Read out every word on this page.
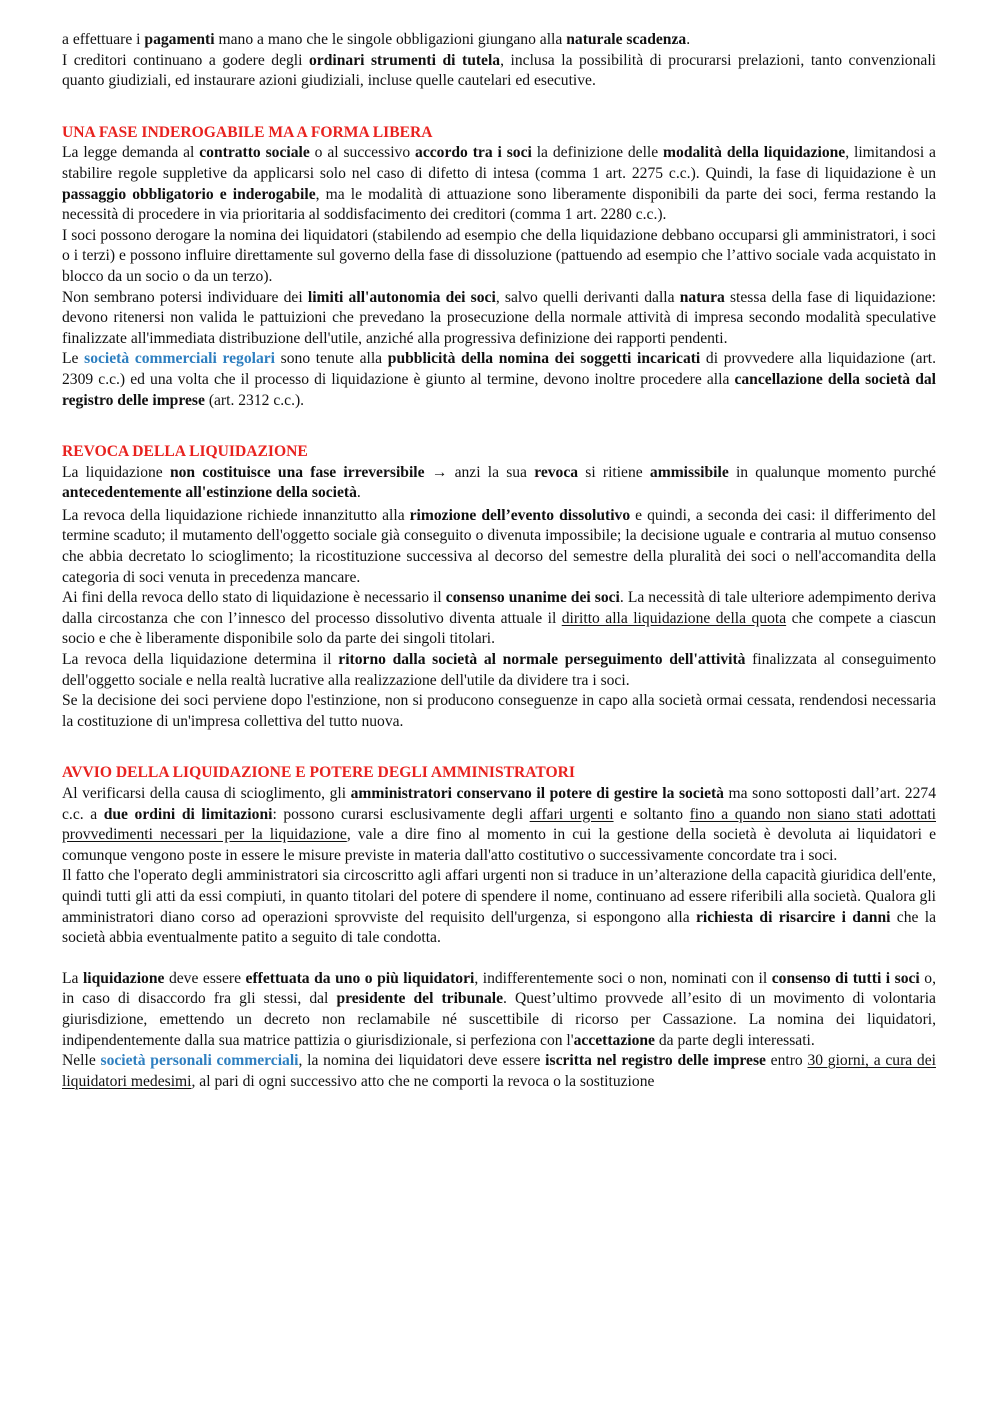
a effettuare i pagamenti mano a mano che le singole obbligazioni giungano alla naturale scadenza.

I creditori continuano a godere degli ordinari strumenti di tutela, inclusa la possibilità di procurarsi prelazioni, tanto convenzionali quanto giudiziali, ed instaurare azioni giudiziali, incluse quelle cautelari ed esecutive.

UNA FASE INDEROGABILE MA A FORMA LIBERA

La legge demanda al contratto sociale o al successivo accordo tra i soci la definizione delle modalità della liquidazione, limitandosi a stabilire regole suppletive da applicarsi solo nel caso di difetto di intesa (comma 1 art. 2275 c.c.). Quindi, la fase di liquidazione è un passaggio obbligatorio e inderogabile, ma le modalità di attuazione sono liberamente disponibili da parte dei soci, ferma restando la necessità di procedere in via prioritaria al soddisfacimento dei creditori (comma 1 art. 2280 c.c.).

I soci possono derogare la nomina dei liquidatori (stabilendo ad esempio che della liquidazione debbano occuparsi gli amministratori, i soci o i terzi) e possono influire direttamente sul governo della fase di dissoluzione (pattuendo ad esempio che l’attivo sociale vada acquistato in blocco da un socio o da un terzo).

Non sembrano potersi individuare dei limiti all'autonomia dei soci, salvo quelli derivanti dalla natura stessa della fase di liquidazione: devono ritenersi non valida le pattuizioni che prevedano la prosecuzione della normale attività di impresa secondo modalità speculative finalizzate all'immediata distribuzione dell'utile, anziché alla progressiva definizione dei rapporti pendenti.

Le società commerciali regolari sono tenute alla pubblicità della nomina dei soggetti incaricati di provvedere alla liquidazione (art. 2309 c.c.) ed una volta che il processo di liquidazione è giunto al termine, devono inoltre procedere alla cancellazione della società dal registro delle imprese (art. 2312 c.c.).

REVOCA DELLA LIQUIDAZIONE

La liquidazione non costituisce una fase irreversibile → anzi la sua revoca si ritiene ammissibile in qualunque momento purché antecedentemente all'estinzione della società.

La revoca della liquidazione richiede innanzitutto alla rimozione dell’evento dissolutivo e quindi, a seconda dei casi: il differimento del termine scaduto; il mutamento dell'oggetto sociale già conseguito o divenuta impossibile; la decisione uguale e contraria al mutuo consenso che abbia decretato lo scioglimento; la ricostituzione successiva al decorso del semestre della pluralità dei soci o nell'accomandita della categoria di soci venuta in precedenza mancare.

Ai fini della revoca dello stato di liquidazione è necessario il consenso unanime dei soci. La necessità di tale ulteriore adempimento deriva dalla circostanza che con l’innesco del processo dissolutivo diventa attuale il diritto alla liquidazione della quota che compete a ciascun socio e che è liberamente disponibile solo da parte dei singoli titolari.

La revoca della liquidazione determina il ritorno dalla società al normale perseguimento dell'attività finalizzata al conseguimento dell'oggetto sociale e nella realtà lucrative alla realizzazione dell'utile da dividere tra i soci.

Se la decisione dei soci perviene dopo l'estinzione, non si producono conseguenze in capo alla società ormai cessata, rendendosi necessaria la costituzione di un'impresa collettiva del tutto nuova.

AVVIO DELLA LIQUIDAZIONE E POTERE DEGLI AMMINISTRATORI

Al verificarsi della causa di scioglimento, gli amministratori conservano il potere di gestire la società ma sono sottoposti dall’art. 2274 c.c. a due ordini di limitazioni: possono curarsi esclusivamente degli affari urgenti e soltanto fino a quando non siano stati adottati provvedimenti necessari per la liquidazione, vale a dire fino al momento in cui la gestione della società è devoluta ai liquidatori e comunque vengono poste in essere le misure previste in materia dall'atto costitutivo o successivamente concordate tra i soci.

Il fatto che l'operato degli amministratori sia circoscritto agli affari urgenti non si traduce in un’alterazione della capacità giuridica dell'ente, quindi tutti gli atti da essi compiuti, in quanto titolari del potere di spendere il nome, continuano ad essere riferibili alla società. Qualora gli amministratori diano corso ad operazioni sprovviste del requisito dell'urgenza, si espongono alla richiesta di risarcire i danni che la società abbia eventualmente patito a seguito di tale condotta.

La liquidazione deve essere effettuata da uno o più liquidatori, indifferentemente soci o non, nominati con il consenso di tutti i soci o, in caso di disaccordo fra gli stessi, dal presidente del tribunale. Quest’ultimo provvede all’esito di un movimento di volontaria giurisdizione, emettendo un decreto non reclamabile né suscettibile di ricorso per Cassazione. La nomina dei liquidatori, indipendentemente dalla sua matrice pattizia o giurisdizionale, si perfeziona con l'accettazione da parte degli interessati.

Nelle società personali commerciali, la nomina dei liquidatori deve essere iscritta nel registro delle imprese entro 30 giorni, a cura dei liquidatori medesimi, al pari di ogni successivo atto che ne comporti la revoca o la sostituzione
